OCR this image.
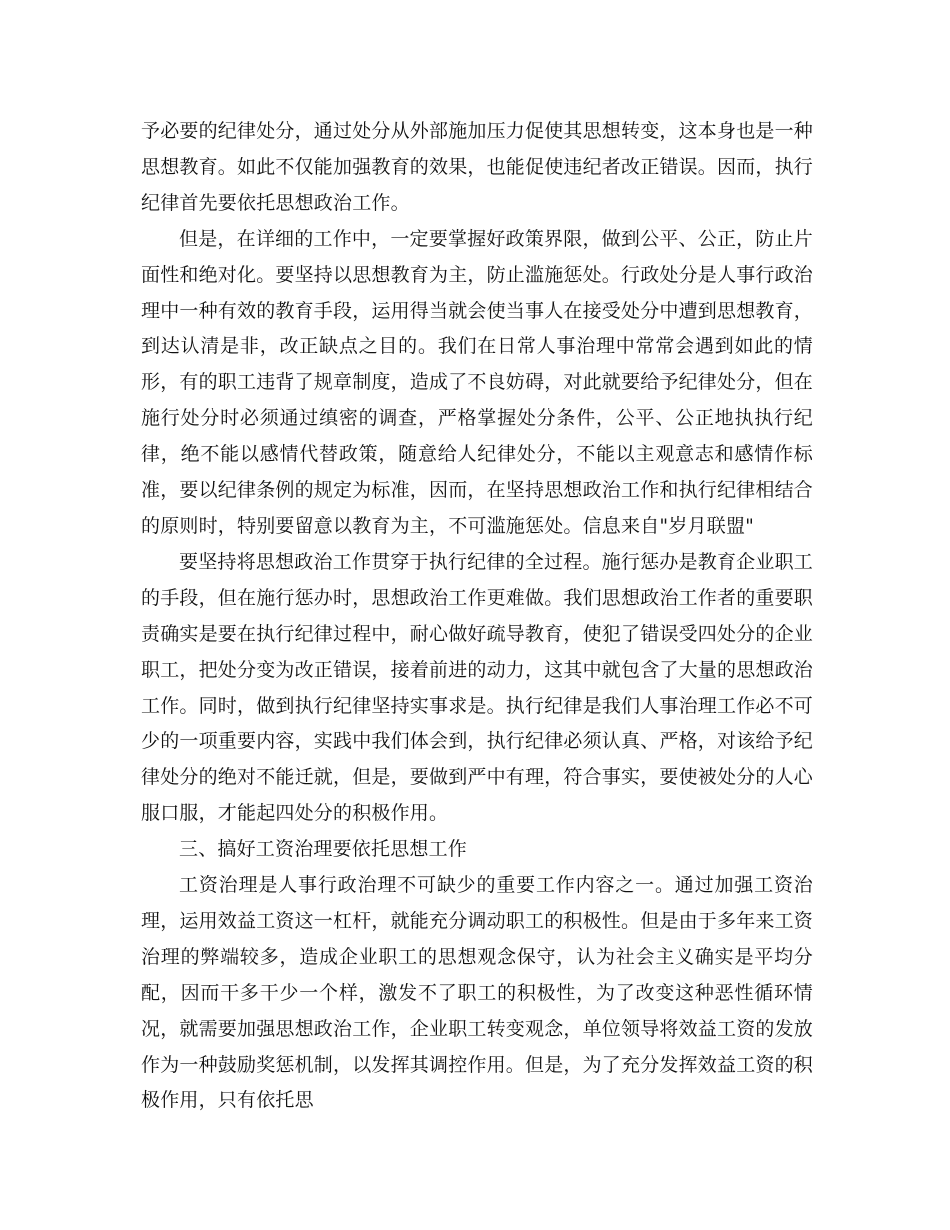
予必要的纪律处分，通过处分从外部施加压力促使其思想转变，这本身也是一种思想教育。如此不仅能加强教育的效果，也能促使违纪者改正错误。因而，执行纪律首先要依托思想政治工作。

但是，在详细的工作中，一定要掌握好政策界限，做到公平、公正，防止片面性和绝对化。要坚持以思想教育为主，防止滥施惩处。行政处分是人事行政治理中一种有效的教育手段，运用得当就会使当事人在接受处分中遭到思想教育，到达认清是非，改正缺点之目的。我们在日常人事治理中常常会遇到如此的情形，有的职工违背了规章制度，造成了不良妨碍，对此就要给予纪律处分，但在施行处分时必须通过缜密的调查，严格掌握处分条件，公平、公正地执执行纪律，绝不能以感情代替政策，随意给人纪律处分，不能以主观意志和感情作标准，要以纪律条例的规定为标准，因而，在坚持思想政治工作和执行纪律相结合的原则时，特别要留意以教育为主，不可滥施惩处。信息来自"岁月联盟"

要坚持将思想政治工作贯穿于执行纪律的全过程。施行惩办是教育企业职工的手段，但在施行惩办时，思想政治工作更难做。我们思想政治工作者的重要职责确实是要在执行纪律过程中，耐心做好疏导教育，使犯了错误受四处分的企业职工，把处分变为改正错误，接着前进的动力，这其中就包含了大量的思想政治工作。同时，做到执行纪律坚持实事求是。执行纪律是我们人事治理工作必不可少的一项重要内容，实践中我们体会到，执行纪律必须认真、严格，对该给予纪律处分的绝对不能迁就，但是，要做到严中有理，符合事实，要使被处分的人心服口服，才能起四处分的积极作用。

三、搞好工资治理要依托思想工作

工资治理是人事行政治理不可缺少的重要工作内容之一。通过加强工资治理，运用效益工资这一杠杆，就能充分调动职工的积极性。但是由于多年来工资治理的弊端较多，造成企业职工的思想观念保守，认为社会主义确实是平均分配，因而干多干少一个样，激发不了职工的积极性，为了改变这种恶性循环情况，就需要加强思想政治工作，企业职工转变观念，单位领导将效益工资的发放作为一种鼓励奖惩机制，以发挥其调控作用。但是，为了充分发挥效益工资的积极作用，只有依托思
